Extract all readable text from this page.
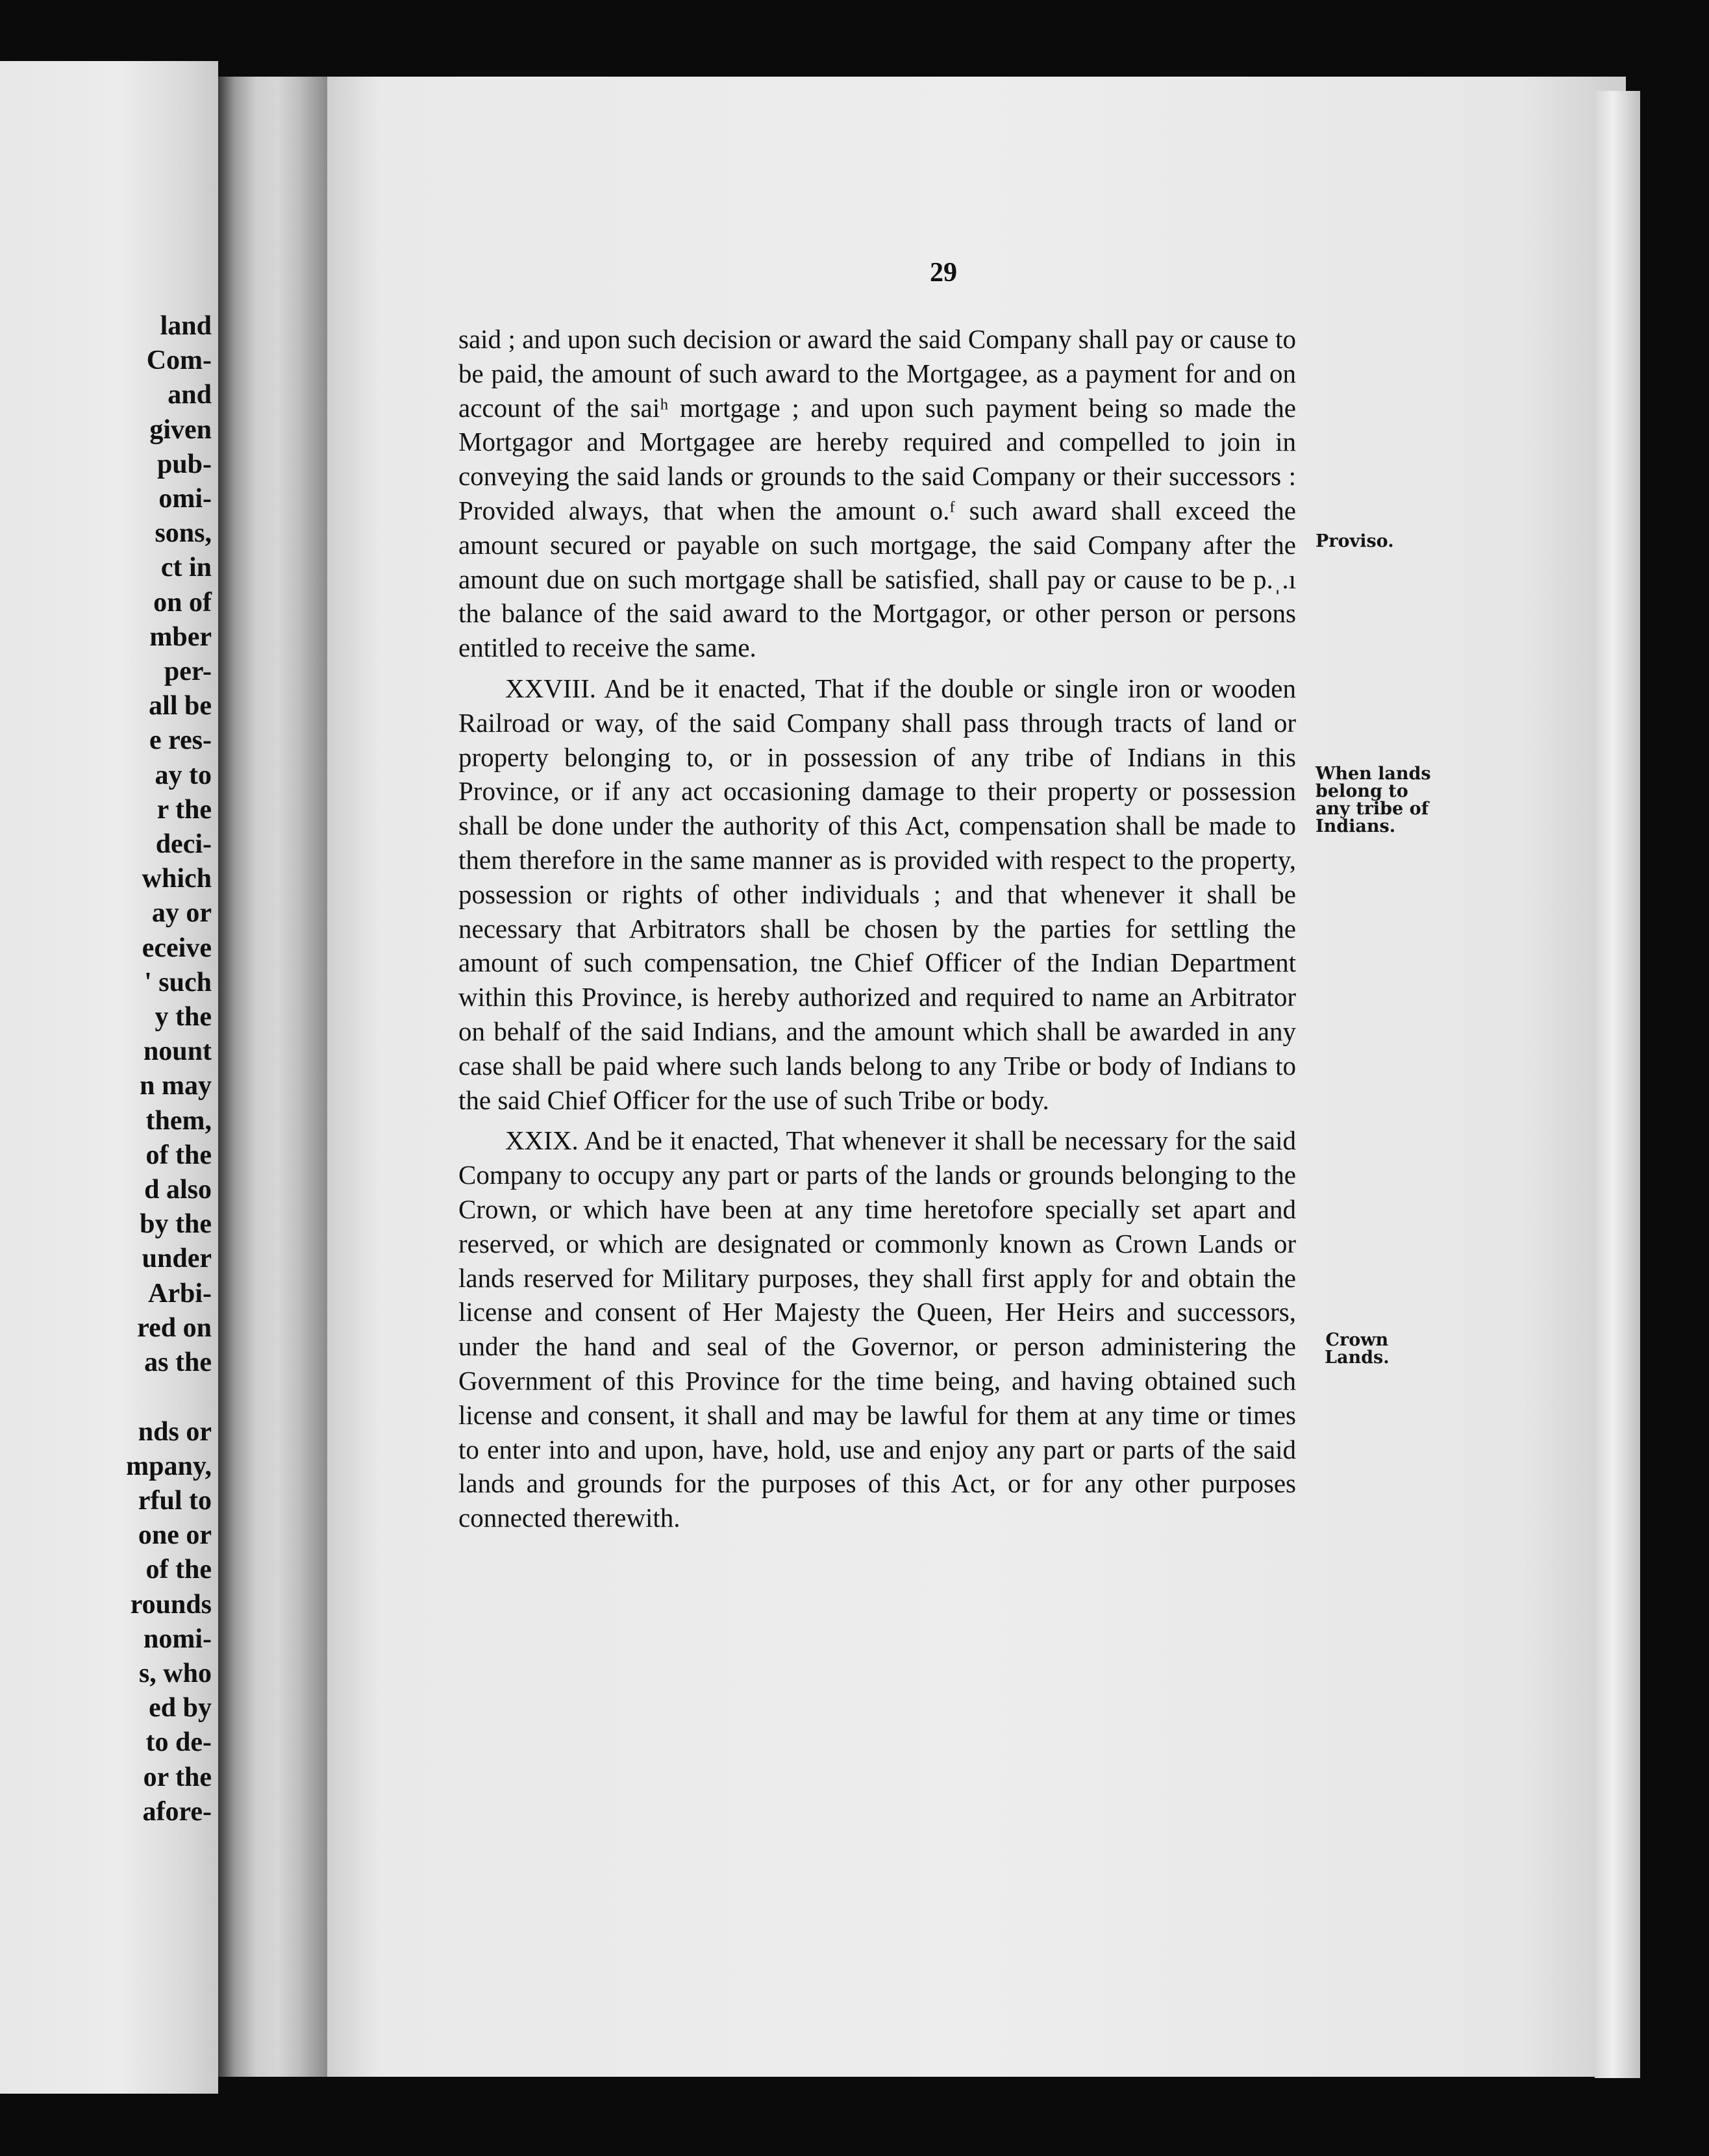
land
Com-
and
given
pub-
omi-
sons,
ct in
on of
mber
per-
all be
e res-
ay to
r the
deci-
which
ay or
eceive
' such
y the
nount
n may
them,
of the
d also
by the
under
Arbi-
red on
as the

nds or
mpany,
rful to
one or
of the
rounds
nomi-
s, who
ed by
to de-
or the
afore-
29

said ; and upon such decision or award the said Company shall pay or cause to be paid, the amount of such award to the Mortgagee, as a payment for and on account of the saiʰ mortgage ; and upon such payment being so made the Mortgagor and Mortgagee are hereby required and compelled to join in conveying the said lands or grounds to the said Company or their successors : Provided always, that when the amount o.ᶠ such award shall exceed the amount secured or payable on such mortgage, the said Company after the amount due on such mortgage shall be satisfied, shall pay or cause to be p.ˌ.ı the balance of the said award to the Mortgagor, or other person or persons entitled to receive the same.

XXVIII. And be it enacted, That if the double or single iron or wooden Railroad or way, of the said Company shall pass through tracts of land or property belonging to, or in possession of any tribe of Indians in this Province, or if any act occasioning damage to their property or possession shall be done under the authority of this Act, compensation shall be made to them therefore in the same manner as is provided with respect to the property, possession or rights of other individuals ; and that whenever it shall be necessary that Arbitrators shall be chosen by the parties for settling the amount of such compensation, tne Chief Officer of the Indian Department within this Province, is hereby authorized and required to name an Arbitrator on behalf of the said Indians, and the amount which shall be awarded in any case shall be paid where such lands belong to any Tribe or body of Indians to the said Chief Officer for the use of such Tribe or body.

XXIX. And be it enacted, That whenever it shall be necessary for the said Company to occupy any part or parts of the lands or grounds belonging to the Crown, or which have been at any time heretofore specially set apart and reserved, or which are designated or commonly known as Crown Lands or lands reserved for Military purposes, they shall first apply for and obtain the license and consent of Her Majesty the Queen, Her Heirs and successors, under the hand and seal of the Governor, or person administering the Government of this Province for the time being, and having obtained such license and consent, it shall and may be lawful for them at any time or times to enter into and upon, have, hold, use and enjoy any part or parts of the said lands and grounds for the purposes of this Act, or for any other purposes connected therewith.

Proviso.
When lands
belong to
any tribe of
Indians.
Crown
Lands.
